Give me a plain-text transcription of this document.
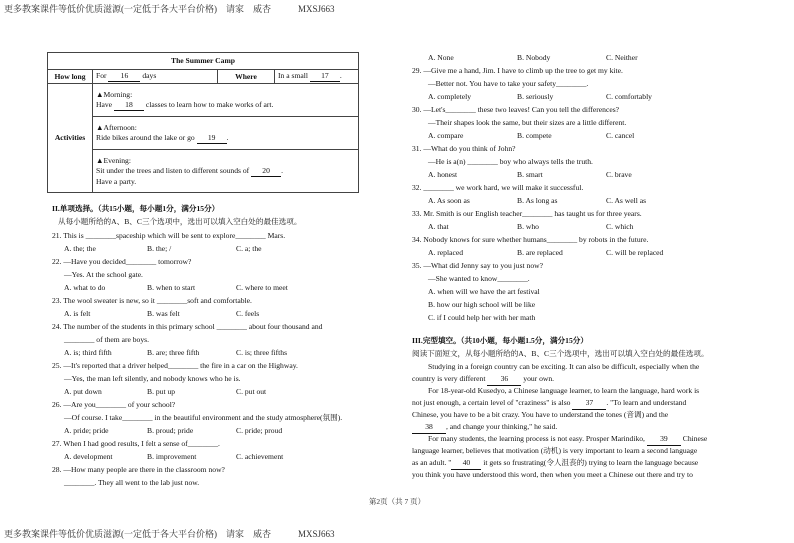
更多教案课件等低价优质滋源(一定低于各大平台价格)　请家　威杏　　　MXSJ663
The Summer Camp			
How long	For 16 days	Where	In a small 17 .
Activities	▲Morning:
Have 18 classes to learn how to make works of art.		

	▲Afternoon:
Ride bikes around the lake or go 19 .		

	▲Evening:
Sit under the trees and listen to different sounds of 20 .
Have a party.		
II.单项选择。（共15小题，每小题1分，满分15分）
从每小题所给的A、B、C三个选项中，选出可以填入空白处的最佳选项。
21. This is ________spaceship which will be sent to explore________ Mars.
A. the; the	B. the; /	C. a; the
22. —Have you decided________ tomorrow?
—Yes. At the school gate.
A. what to do	B. when to start	C. where to meet
23. The wool sweater is new, so it ________soft and comfortable.
A. is felt	B. was felt	C. feels
24. The number of the students in this primary school ________ about four thousand and
________ of them are boys.
A. is; third fifth	B. are; three fifth	C. is; three fifths
25. —It's reported that a driver helped________ the fire in a car on the Highway.
—Yes, the man left silently, and nobody knows who he is.
A. put down	B. put up	C. put out
26. —Are you________ of your school?
—Of course. I take________ in the beautiful environment and the study atmosphere(氛围).
A. pride; pride	B. proud; pride	C. pride; proud
27. When I had good results, I felt a sense of________.
A. development	B. improvement	C. achievement
28. —How many people are there in the classroom now?
________. They all went to the lab just now.
A. None	B. Nobody	C. Neither
29. —Give me a hand, Jim. I have to climb up the tree to get my kite.
—Better not. You have to take your safety________.
A. completely	B. seriously	C. comfortably
30. —Let's________ these two leaves! Can you tell the differences?
—Their shapes look the same, but their sizes are a little different.
A. compare	B. compete	C. cancel
31. —What do you think of John?
—He is a(n) ________ boy who always tells the truth.
A. honest	B. smart	C. brave
32. ________ we work hard, we will make it successful.
A. As soon as	B. As long as	C. As well as
33. Mr. Smith is our English teacher________ has taught us for three years.
A. that	B. who	C. which
34. Nobody knows for sure whether humans________ by robots in the future.
A. replaced	B. are replaced	C. will be replaced
35. —What did Jenny say to you just now?
—She wanted to know________.
A. when will we have the art festival
B. how our high school will be like
C. if I could help her with her math
III.完型填空。（共10小题，每小题1.5分，满分15分）
阅读下面短文，从每小题所给的A、B、C三个选项中，选出可以填入空白处的最佳选项。
Studying in a foreign country can be exciting. It can also be difficult, especially when the
country is very different 36 your own.
For 18-year-old Kusedyo, a Chinese language learner, to learn the language, hard work is
not just enough, a certain level of "craziness" is also 37 . "To learn and understand
Chinese, you have to be a bit crazy. You have to understand the tones (音调) and the
38 , and change your thinking," he said.
For many students, the learning process is not easy. Prosper Marindiko, 39 Chinese
language learner, believes that motivation (动机) is very important to learn a second language
as an adult. " 40 it gets so frustrating(令人沮丧的) trying to learn the language because
you think you have understood this word, then when you meet a Chinese out there and try to
第2页（共 7 页）
更多教案课件等低价优质滋源(一定低于各大平台价格)　请家　威杏　　　MXSJ663
